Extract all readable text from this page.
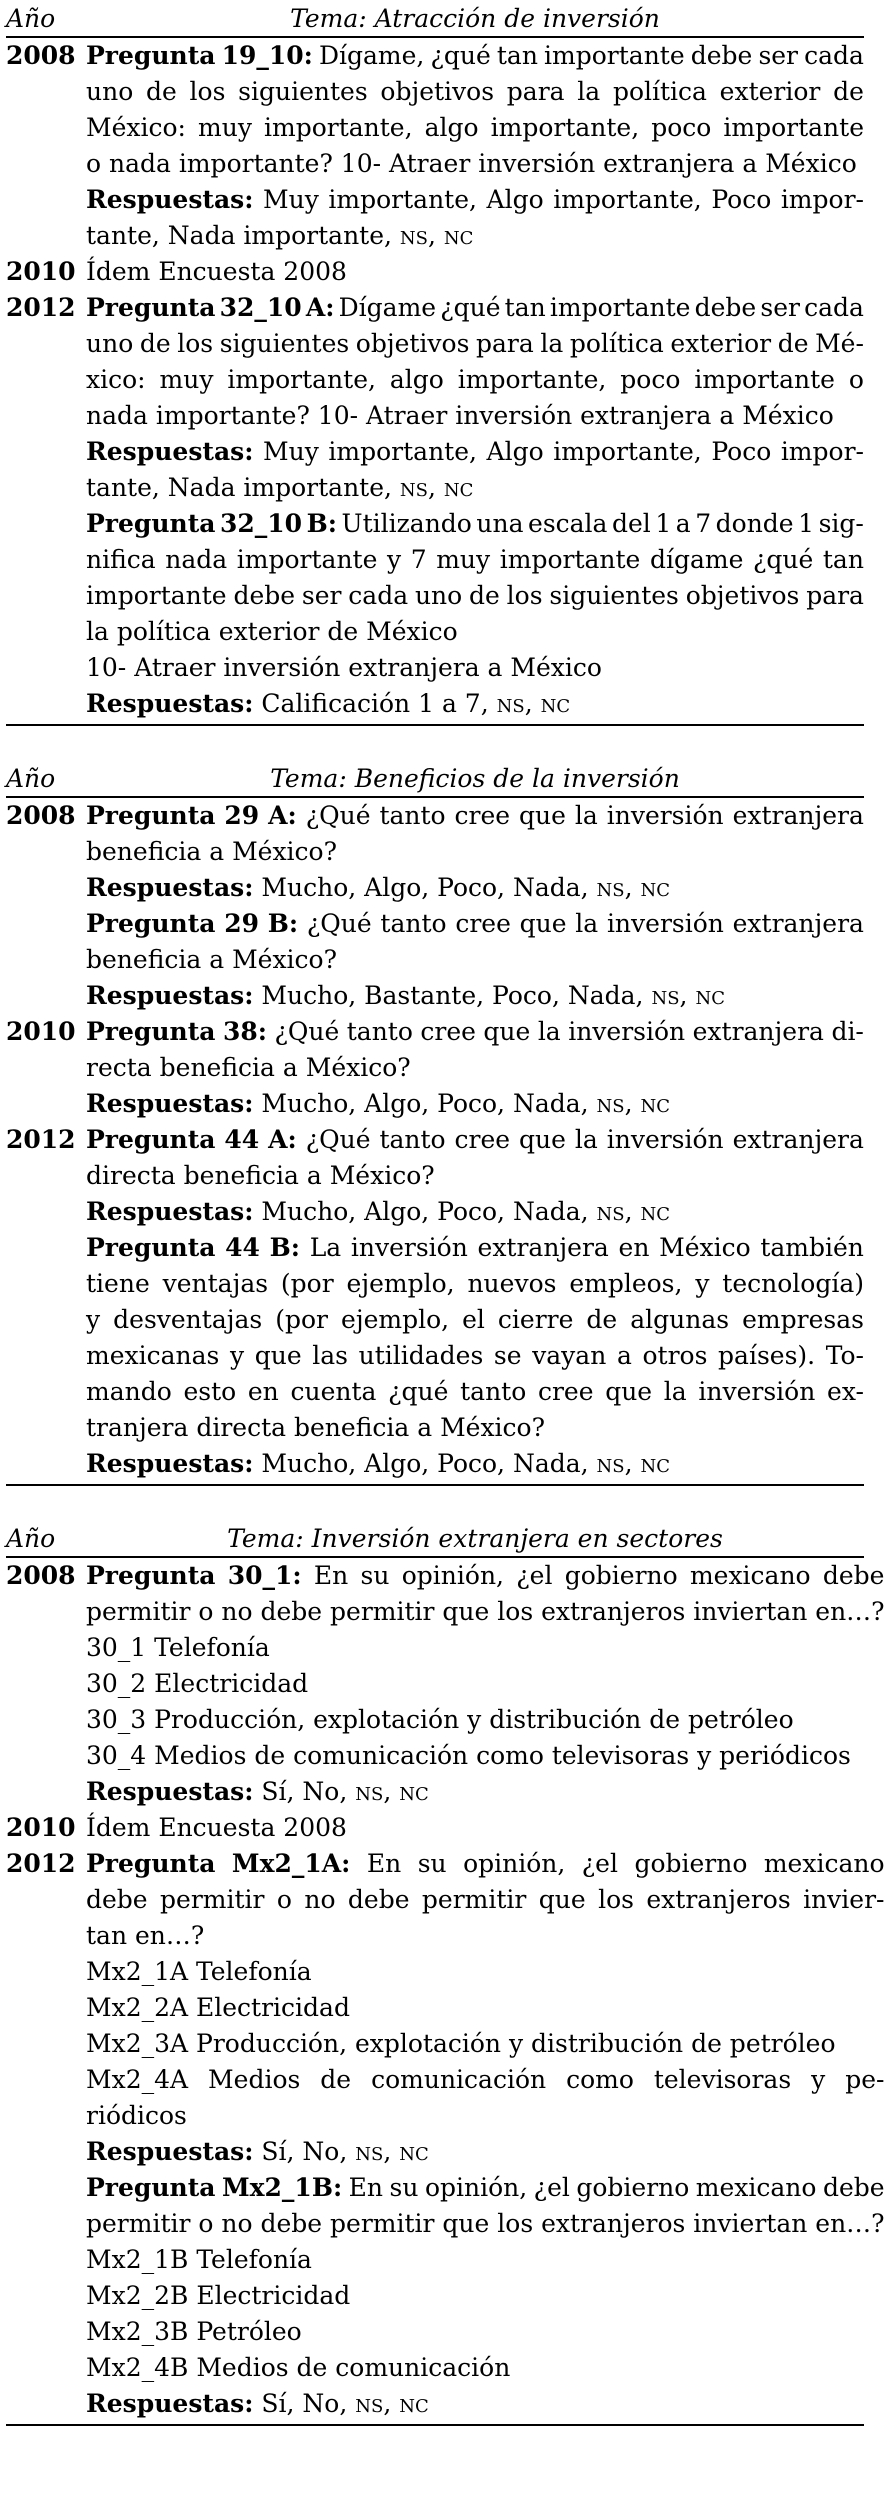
Año	Tema: Atracción de inversión
2008 Pregunta 19_10: Dígame, ¿qué tan importante debe ser cada
uno de los siguientes objetivos para la política exterior de
México: muy importante, algo importante, poco importante
o nada importante? 10- Atraer inversión extranjera a México
Respuestas: Muy importante, Algo importante, Poco impor-
tante, Nada importante, ns, nc
2010 Ídem Encuesta 2008
2012 Pregunta 32_10 A: Dígame ¿qué tan importante debe ser cada
uno de los siguientes objetivos para la política exterior de Mé-
xico: muy importante, algo importante, poco importante o
nada importante? 10- Atraer inversión extranjera a México
Respuestas: Muy importante, Algo importante, Poco impor-
tante, Nada importante, ns, nc
Pregunta 32_10 B: Utilizando una escala del 1 a 7 donde 1 sig-
nifica nada importante y 7 muy importante dígame ¿qué tan
importante debe ser cada uno de los siguientes objetivos para
la política exterior de México
10- Atraer inversión extranjera a México
Respuestas: Calificación 1 a 7, ns, nc
Año	Tema: Beneficios de la inversión
2008 Pregunta 29 A: ¿Qué tanto cree que la inversión extranjera
beneficia a México?
Respuestas: Mucho, Algo, Poco, Nada, ns, nc
Pregunta 29 B: ¿Qué tanto cree que la inversión extranjera
beneficia a México?
Respuestas: Mucho, Bastante, Poco, Nada, ns, nc
2010 Pregunta 38: ¿Qué tanto cree que la inversión extranjera di-
recta beneficia a México?
Respuestas: Mucho, Algo, Poco, Nada, ns, nc
2012 Pregunta 44 A: ¿Qué tanto cree que la inversión extranjera
directa beneficia a México?
Respuestas: Mucho, Algo, Poco, Nada, ns, nc
Pregunta 44 B: La inversión extranjera en México también
tiene ventajas (por ejemplo, nuevos empleos, y tecnología)
y desventajas (por ejemplo, el cierre de algunas empresas
mexicanas y que las utilidades se vayan a otros países). To-
mando esto en cuenta ¿qué tanto cree que la inversión ex-
tranjera directa beneficia a México?
Respuestas: Mucho, Algo, Poco, Nada, ns, nc
Año	Tema: Inversión extranjera en sectores
2008 Pregunta 30_1: En su opinión, ¿el gobierno mexicano debe
permitir o no debe permitir que los extranjeros inviertan en…?
30_1 Telefonía
30_2 Electricidad
30_3 Producción, explotación y distribución de petróleo
30_4 Medios de comunicación como televisoras y periódicos
Respuestas: Sí, No, ns, nc
2010 Ídem Encuesta 2008
2012 Pregunta Mx2_1A: En su opinión, ¿el gobierno mexicano
debe permitir o no debe permitir que los extranjeros invier-
tan en…?
Mx2_1A Telefonía
Mx2_2A Electricidad
Mx2_3A Producción, explotación y distribución de petróleo
Mx2_4A Medios de comunicación como televisoras y pe-
riódicos
Respuestas: Sí, No, ns, nc
Pregunta Mx2_1B: En su opinión, ¿el gobierno mexicano debe
permitir o no debe permitir que los extranjeros inviertan en…?
Mx2_1B Telefonía
Mx2_2B Electricidad
Mx2_3B Petróleo
Mx2_4B Medios de comunicación
Respuestas: Sí, No, ns, nc
